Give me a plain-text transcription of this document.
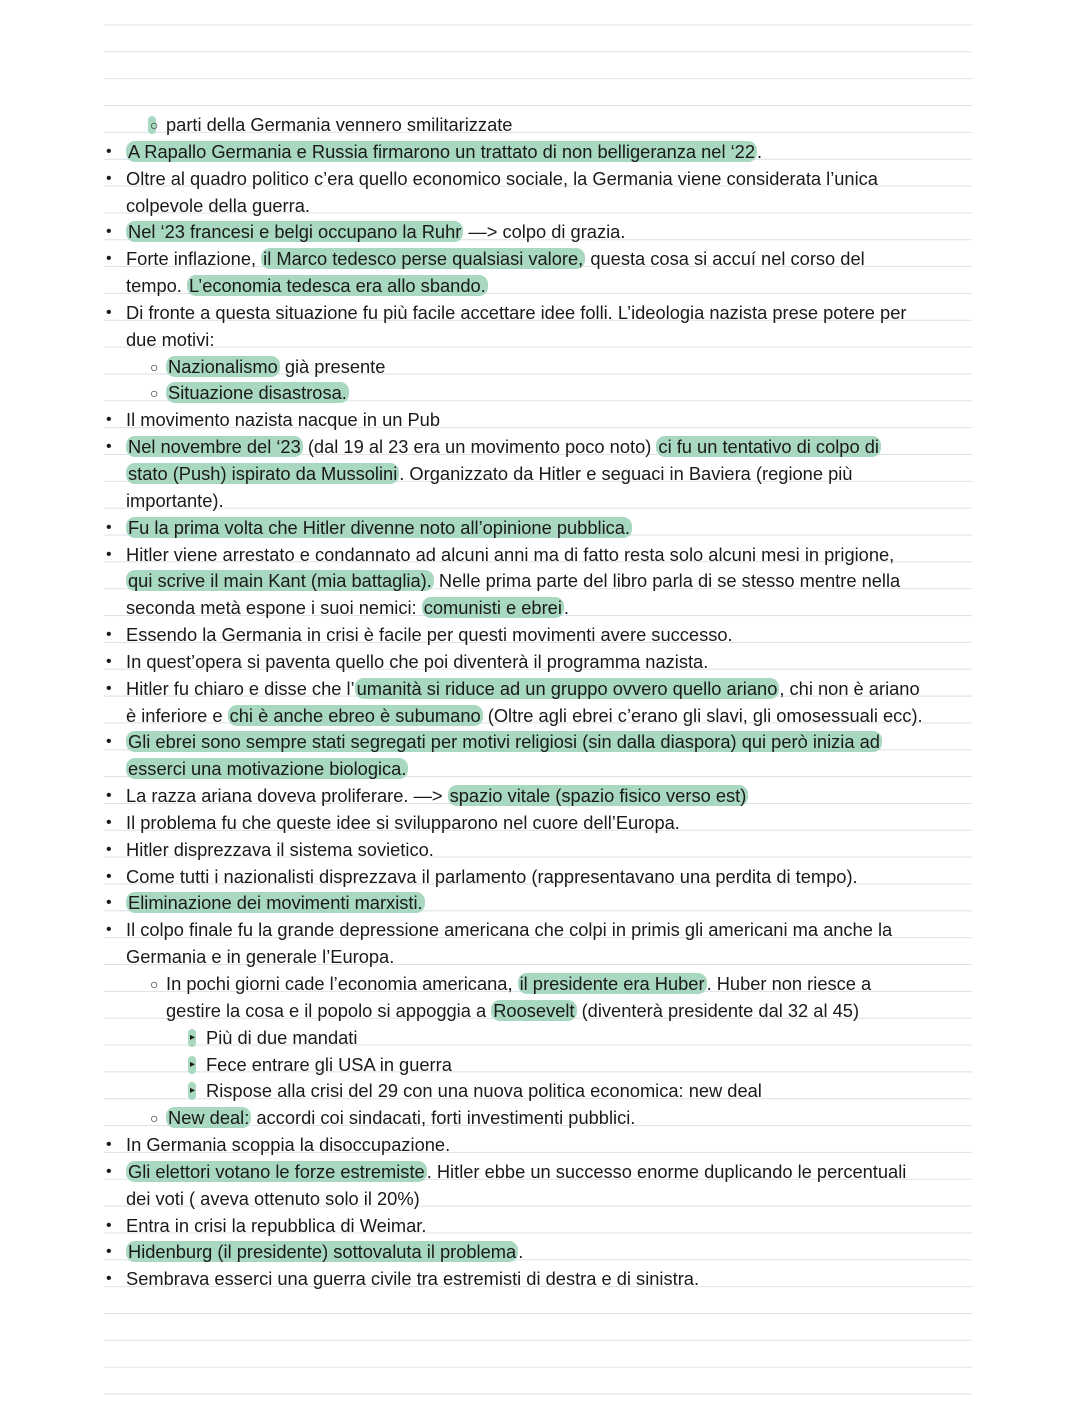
○ parti della Germania vennero smilitarizzate
• A Rapallo Germania e Russia firmarono un trattato di non belligeranza nel ‘22 .
• Oltre al quadro politico c’era quello economico sociale, la Germania viene considerata l’unica
colpevole della guerra.
• Nel ‘23 francesi e belgi occupano la Ruhr —> colpo di grazia.
• Forte inflazione, il Marco tedesco perse qualsiasi valore, questa cosa si accuí nel corso del
tempo. L’economia tedesca era allo sbando.
• Di fronte a questa situazione fu più facile accettare idee folli. L’ideologia nazista prese potere per
due motivi:
○ Nazionalismo già presente
○ Situazione disastrosa.
• Il movimento nazista nacque in un Pub
• Nel novembre del ‘23 (dal 19 al 23 era un movimento poco noto) ci fu un tentativo di colpo di
stato (Push) ispirato da Mussolini . Organizzato da Hitler e seguaci in Baviera (regione più
importante).
• Fu la prima volta che Hitler divenne noto all’opinione pubblica.
• Hitler viene arrestato e condannato ad alcuni anni ma di fatto resta solo alcuni mesi in prigione,
qui scrive il main Kant (mia battaglia). Nelle prima parte del libro parla di se stesso mentre nella
seconda metà espone i suoi nemici: comunisti e ebrei .
• Essendo la Germania in crisi è facile per questi movimenti avere successo.
• In quest’opera si paventa quello che poi diventerà il programma nazista.
• Hitler fu chiaro e disse che l’ umanità si riduce ad un gruppo ovvero quello ariano , chi non è ariano
è inferiore e chi è anche ebreo è subumano (Oltre agli ebrei c’erano gli slavi, gli omosessuali ecc).
• Gli ebrei sono sempre stati segregati per motivi religiosi (sin dalla diaspora) qui però inizia ad
esserci una motivazione biologica.
• La razza ariana doveva proliferare. —> spazio vitale (spazio fisico verso est)
• Il problema fu che queste idee si svilupparono nel cuore dell’Europa.
• Hitler disprezzava il sistema sovietico.
• Come tutti i nazionalisti disprezzava il parlamento (rappresentavano una perdita di tempo).
• Eliminazione dei movimenti marxisti.
• Il colpo finale fu la grande depressione americana che colpi in primis gli americani ma anche la
Germania e in generale l’Europa.
○ In pochi giorni cade l’economia americana, il presidente era Huber . Huber non riesce a
gestire la cosa e il popolo si appoggia a Roosevelt (diventerà presidente dal 32 al 45)
▸ Più di due mandati
▸ Fece entrare gli USA in guerra
▸ Rispose alla crisi del 29 con una nuova politica economica: new deal
○ New deal: accordi coi sindacati, forti investimenti pubblici.
• In Germania scoppia la disoccupazione.
• Gli elettori votano le forze estremiste . Hitler ebbe un successo enorme duplicando le percentuali
dei voti ( aveva ottenuto solo il 20%)
• Entra in crisi la repubblica di Weimar.
• Hidenburg (il presidente) sottovaluta il problema .
• Sembrava esserci una guerra civile tra estremisti di destra e di sinistra.
